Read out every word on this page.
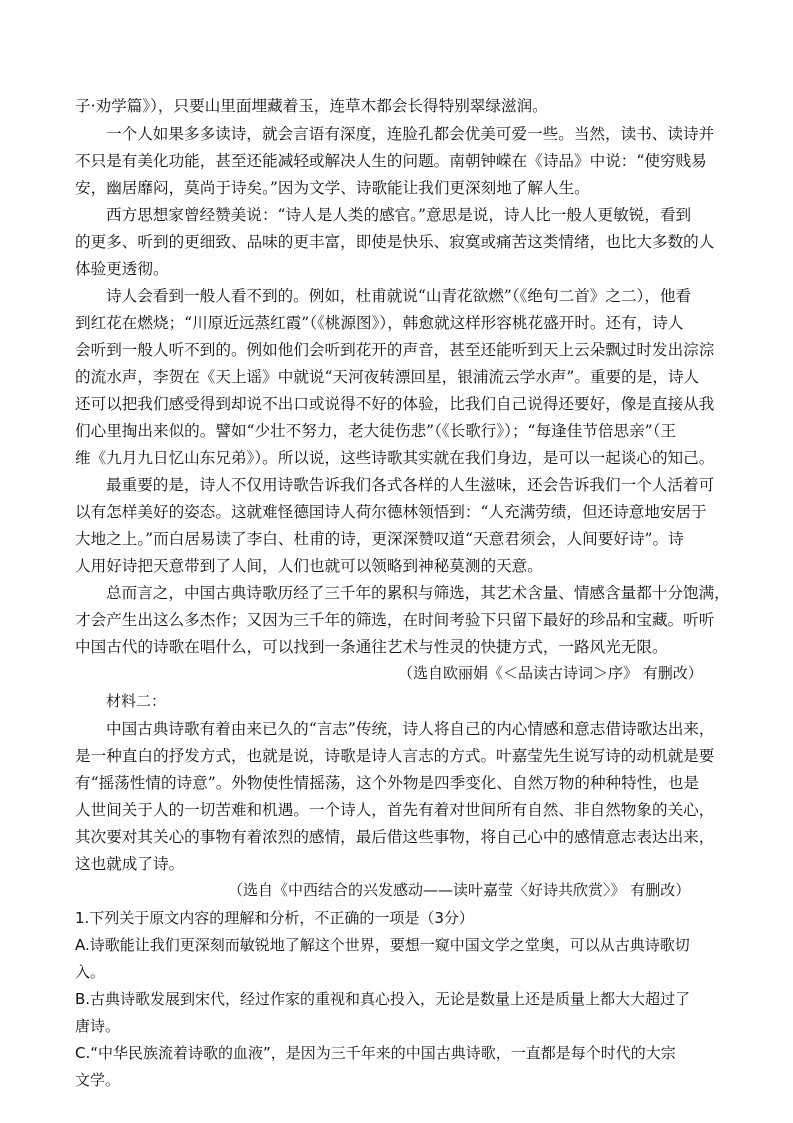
子·劝学篇》），只要山里面埋藏着玉，连草木都会长得特别翠绿滋润。

一个人如果多多读诗，就会言语有深度，连脸孔都会优美可爱一些。当然，读书、读诗并

不只是有美化功能，甚至还能减轻或解决人生的问题。南朝钟嵘在《诗品》中说：“使穷贱易

安，幽居靡闷，莫尚于诗矣。”因为文学、诗歌能让我们更深刻地了解人生。

西方思想家曾经赞美说：“诗人是人类的感官。”意思是说，诗人比一般人更敏锐，看到

的更多、听到的更细致、品味的更丰富，即使是快乐、寂寞或痛苦这类情绪，也比大多数的人

体验更透彻。

诗人会看到一般人看不到的。例如，杜甫就说“山青花欲燃”（《绝句二首》之二），他看

到红花在燃烧；“川原近远蒸红霞”（《桃源图》），韩愈就这样形容桃花盛开时。还有，诗人

会听到一般人听不到的。例如他们会听到花开的声音，甚至还能听到天上云朵飘过时发出淙淙

的流水声，李贺在《天上谣》中就说“天河夜转漂回星，银浦流云学水声”。重要的是，诗人

还可以把我们感受得到却说不出口或说得不好的体验，比我们自己说得还要好，像是直接从我

们心里掏出来似的。譬如“少壮不努力，老大徒伤悲”（《长歌行》）；“每逢佳节倍思亲”（王

维《九月九日忆山东兄弟》）。所以说，这些诗歌其实就在我们身边，是可以一起谈心的知己。

最重要的是，诗人不仅用诗歌告诉我们各式各样的人生滋味，还会告诉我们一个人活着可

以有怎样美好的姿态。这就难怪德国诗人荷尔德林领悟到：“人充满劳绩，但还诗意地安居于

大地之上。”而白居易读了李白、杜甫的诗，更深深赞叹道“天意君须会，人间要好诗”。诗

人用好诗把天意带到了人间，人们也就可以领略到神秘莫测的天意。

总而言之，中国古典诗歌历经了三千年的累积与筛选，其艺术含量、情感含量都十分饱满，

才会产生出这么多杰作；又因为三千年的筛选，在时间考验下只留下最好的珍品和宝藏。听听

中国古代的诗歌在唱什么，可以找到一条通往艺术与性灵的快捷方式，一路风光无限。

（选自欧丽娟《＜品读古诗词＞序》 有删改）

材料二：

中国古典诗歌有着由来已久的“言志”传统，诗人将自己的内心情感和意志借诗歌达出来，

是一种直白的抒发方式，也就是说，诗歌是诗人言志的方式。叶嘉莹先生说写诗的动机就是要

有“摇荡性情的诗意”。外物使性情摇荡，这个外物是四季变化、自然万物的种种特性，也是

人世间关于人的一切苦难和机遇。一个诗人，首先有着对世间所有自然、非自然物象的关心，

其次要对其关心的事物有着浓烈的感情，最后借这些事物，将自己心中的感情意志表达出来，

这也就成了诗。

（选自《中西结合的兴发感动——读叶嘉莹〈好诗共欣赏〉》 有删改）

1.下列关于原文内容的理解和分析，不正确的一项是（3分）

A.诗歌能让我们更深刻而敏锐地了解这个世界，要想一窥中国文学之堂奥，可以从古典诗歌切

入。

B.古典诗歌发展到宋代，经过作家的重视和真心投入，无论是数量上还是质量上都大大超过了

唐诗。

C.“中华民族流着诗歌的血液”，是因为三千年来的中国古典诗歌，一直都是每个时代的大宗

文学。
